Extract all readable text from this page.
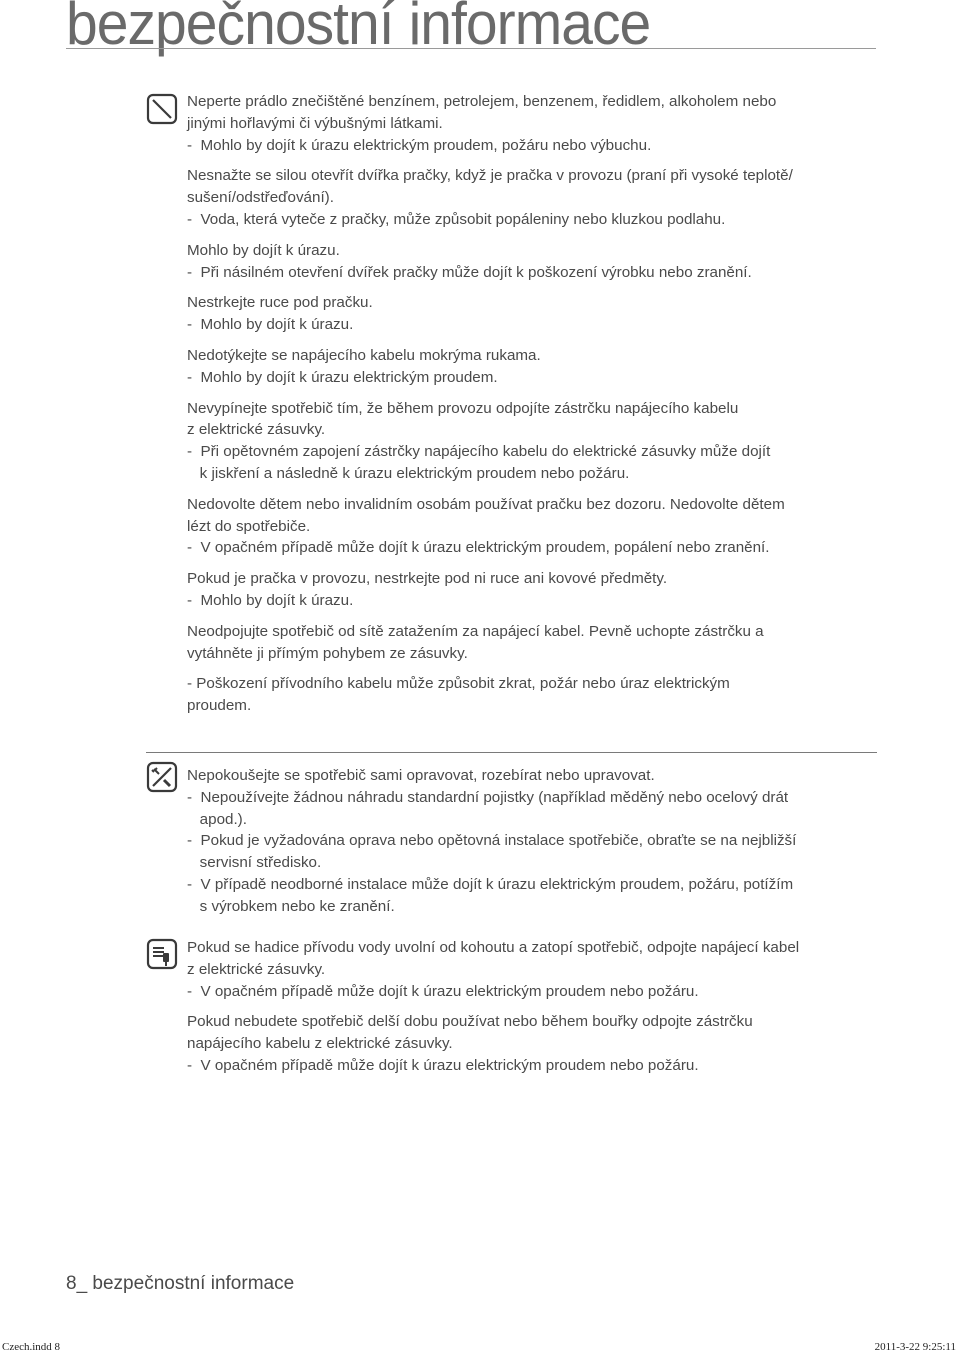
bezpečnostní informace
Neperte prádlo znečištěné benzínem, petrolejem, benzenem, ředidlem, alkoholem nebo
jinými hořlavými či výbušnými látkami.
-  Mohlo by dojít k úrazu elektrickým proudem, požáru nebo výbuchu.
Nesnažte se silou otevřít dvířka pračky, když je pračka v provozu (praní při vysoké teplotě/
sušení/odstřeďování).
-  Voda, která vyteče z pračky, může způsobit popáleniny nebo kluzkou podlahu.
Mohlo by dojít k úrazu.
-  Při násilném otevření dvířek pračky může dojít k poškození výrobku nebo zranění.
Nestrkejte ruce pod pračku.
-  Mohlo by dojít k úrazu.
Nedotýkejte se napájecího kabelu mokrýma rukama.
-  Mohlo by dojít k úrazu elektrickým proudem.
Nevypínejte spotřebič tím, že během provozu odpojíte zástrčku napájecího kabelu
z elektrické zásuvky.
-  Při opětovném zapojení zástrčky napájecího kabelu do elektrické zásuvky může dojít
k jiskření a následně k úrazu elektrickým proudem nebo požáru.
Nedovolte dětem nebo invalidním osobám používat pračku bez dozoru. Nedovolte dětem
lézt do spotřebiče.
-  V opačném případě může dojít k úrazu elektrickým proudem, popálení nebo zranění.
Pokud je pračka v provozu, nestrkejte pod ni ruce ani kovové předměty.
-  Mohlo by dojít k úrazu.
Neodpojujte spotřebič od sítě zatažením za napájecí kabel. Pevně uchopte zástrčku a
vytáhněte ji přímým pohybem ze zásuvky.
- Poškození přívodního kabelu může způsobit zkrat, požár nebo úraz elektrickým
proudem.
Nepokoušejte se spotřebič sami opravovat, rozebírat nebo upravovat.
-  Nepoužívejte žádnou náhradu standardní pojistky (například měděný nebo ocelový drát
apod.).
-  Pokud je vyžadována oprava nebo opětovná instalace spotřebiče, obraťte se na nejbližší
servisní středisko.
-  V případě neodborné instalace může dojít k úrazu elektrickým proudem, požáru, potížím
s výrobkem nebo ke zranění.
Pokud se hadice přívodu vody uvolní od kohoutu a zatopí spotřebič, odpojte napájecí kabel
z elektrické zásuvky.
-  V opačném případě může dojít k úrazu elektrickým proudem nebo požáru.
Pokud nebudete spotřebič delší dobu používat nebo během bouřky odpojte zástrčku
napájecího kabelu z elektrické zásuvky.
-  V opačném případě může dojít k úrazu elektrickým proudem nebo požáru.
8_ bezpečnostní informace
Czech.indd 8	2011-3-22 9:25:11
